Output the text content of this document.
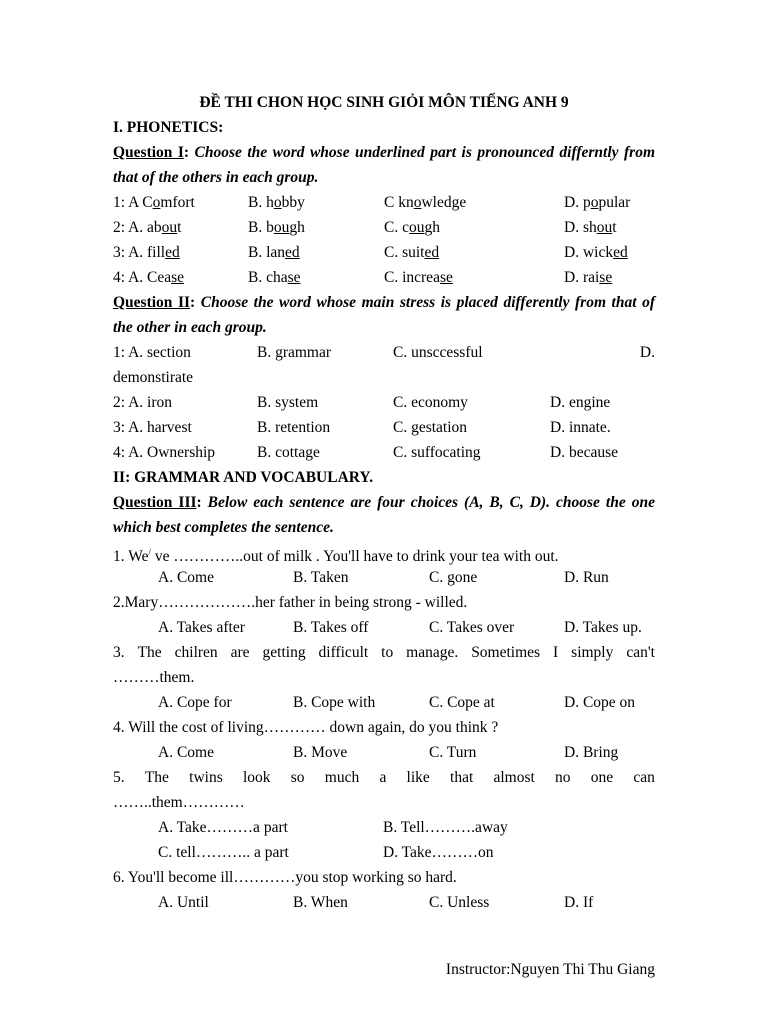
ĐỀ THI CHON HỌC SINH GIỎI MÔN TIẾNG ANH 9
I. PHONETICS:
Question I: Choose the word whose underlined part is pronounced differntly from that of the others in each group.
1: A Comfort	B. hobby	C knowledge	D. popular
2: A. about	B. bough	C. cough	D. shout
3: A. filled	B. laned	C. suited	D. wicked
4: A. Cease	B. chase	C. increase	D. raise
Question II: Choose the word whose main stress is placed differently from that of the other in each group.
1: A. section	B. grammar	C. unsccessful	D.
demonstirate
2: A. iron	B. system	C. economy	D. engine
3: A. harvest	B. retention	C. gestation	D. innate.
4: A. Ownership	B. cottage	C. suffocating	D. because
II: GRAMMAR AND VOCABULARY.
Question III: Below each sentence are four choices (A, B, C, D). choose the one which best completes the sentence.
1. We/ ve …………..out of milk . You'll have to drink your tea with out.
A. Come	B. Taken	C. gone	D. Run
2.Mary……………….her father in being strong - willed.
A. Takes after	B. Takes off	C. Takes over	D. Takes up.
3. The chilren are getting difficult to manage. Sometimes I simply can't
………them.
A. Cope for	B. Cope with	C. Cope at	D. Cope on
4. Will the cost of living………… down again, do you think ?
A. Come	B. Move	C. Turn	D. Bring
5. The twins look so much a like that almost no one can
……..them…………
A. Take………a part	B. Tell……….away
C. tell……….. a part	D. Take………on
6. You'll become ill…………you stop working so hard.
A. Until	B. When	C. Unless	D. If
Instructor:Nguyen Thi Thu Giang
